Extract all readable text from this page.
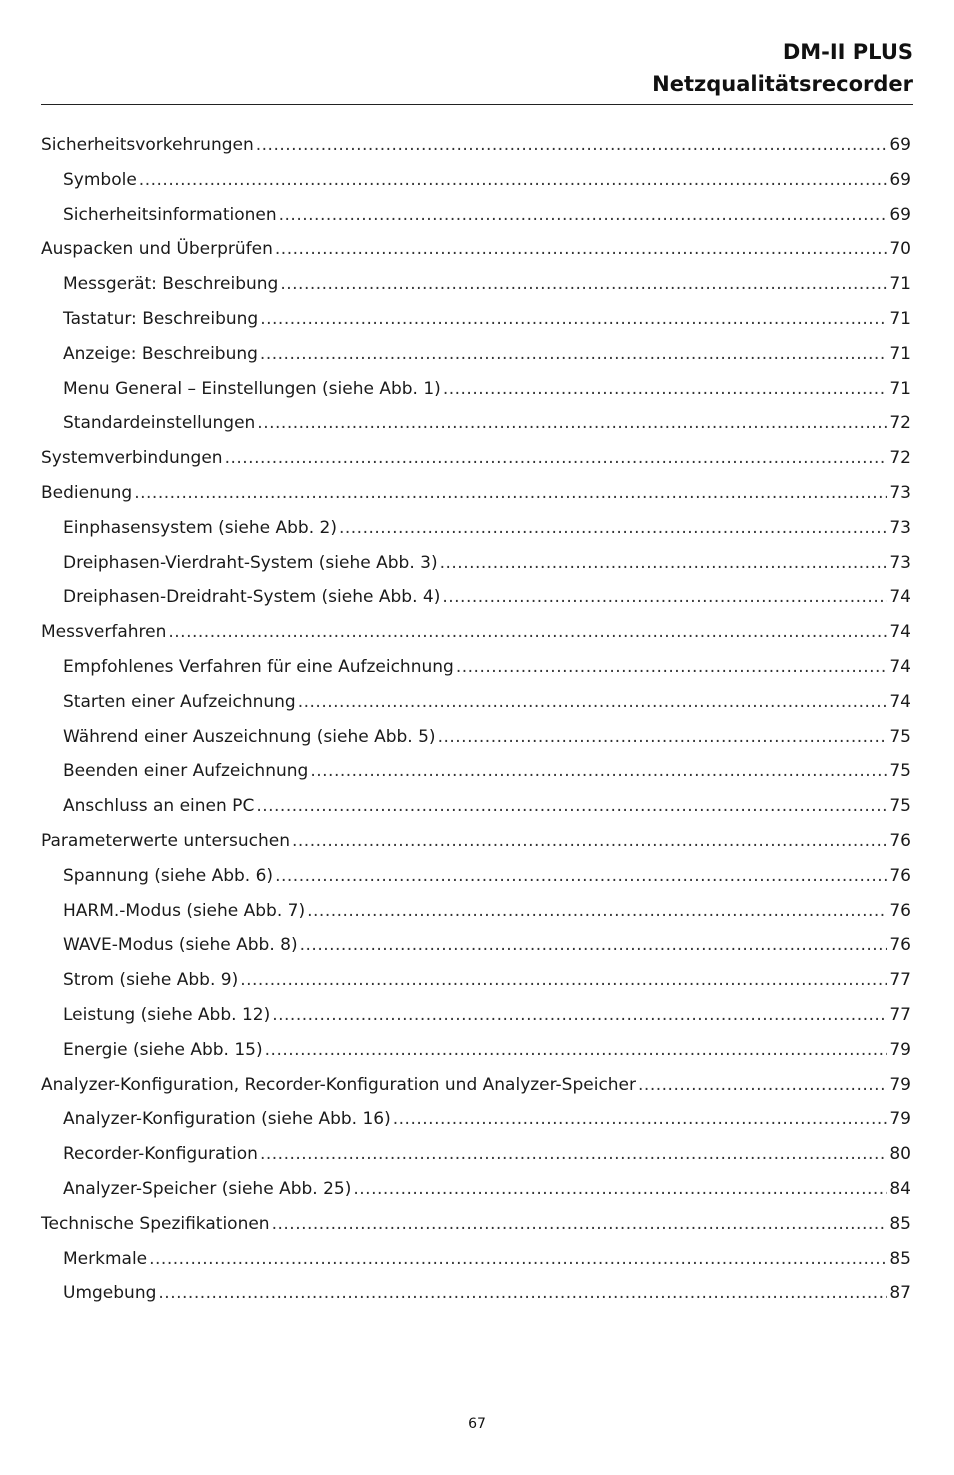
DM-II PLUS
Netzqualitätsrecorder
Sicherheitsvorkehrungen .....	69
Symbole .....	69
Sicherheitsinformationen .....	69
Auspacken und Überprüfen .....	70
Messgerät: Beschreibung .....	71
Tastatur: Beschreibung .....	71
Anzeige: Beschreibung .....	71
Menu General – Einstellungen (siehe Abb. 1) .....	71
Standardeinstellungen .....	72
Systemverbindungen .....	72
Bedienung .....	73
Einphasensystem (siehe Abb. 2) .....	73
Dreiphasen-Vierdraht-System (siehe Abb. 3) .....	73
Dreiphasen-Dreidraht-System (siehe Abb. 4) .....	74
Messverfahren .....	74
Empfohlenes Verfahren für eine Aufzeichnung .....	74
Starten einer Aufzeichnung .....	74
Während einer Auszeichnung (siehe Abb. 5) .....	75
Beenden einer Aufzeichnung .....	75
Anschluss an einen PC .....	75
Parameterwerte untersuchen .....	76
Spannung (siehe Abb. 6) .....	76
HARM.-Modus (siehe Abb. 7) .....	76
WAVE-Modus (siehe Abb. 8) .....	76
Strom (siehe Abb. 9) .....	77
Leistung (siehe Abb. 12) .....	77
Energie (siehe Abb. 15) .....	79
Analyzer-Konfiguration, Recorder-Konfiguration und Analyzer-Speicher .....	79
Analyzer-Konfiguration (siehe Abb. 16) .....	79
Recorder-Konfiguration .....	80
Analyzer-Speicher (siehe Abb. 25) .....	84
Technische Spezifikationen .....	85
Merkmale .....	85
Umgebung .....	87
67
